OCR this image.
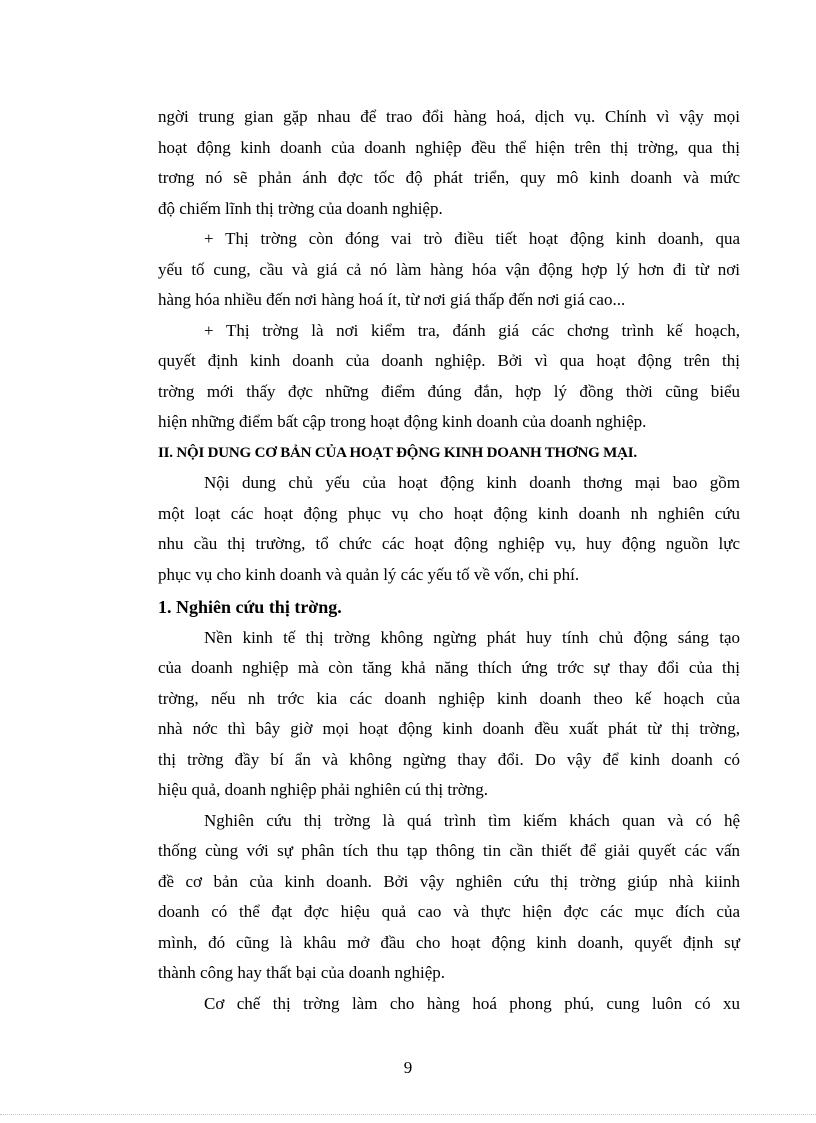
ngời trung gian gặp nhau để trao đổi hàng hoá, dịch vụ. Chính vì vậy mọi
hoạt động kinh doanh của doanh nghiệp đều thể hiện trên thị trờng, qua thị
trơng nó sẽ phản ánh đợc tốc độ phát triển, quy mô kinh doanh và mức
độ chiếm lĩnh thị trờng của doanh nghiệp.
+ Thị trờng còn đóng vai trò điều tiết hoạt động kinh doanh, qua
yếu tố cung, cầu và giá cả nó làm hàng hóa vận động hợp lý hơn đi từ nơi
hàng hóa nhiều đến nơi hàng hoá ít, từ nơi giá thấp đến nơi giá cao...
+ Thị trờng là nơi kiểm tra, đánh giá các chơng trình kế hoạch,
quyết định kinh doanh của doanh nghiệp. Bởi vì qua hoạt động trên thị
trờng mới thấy đợc những điểm đúng đắn, hợp lý đồng thời cũng biểu
hiện những điểm bất cập trong hoạt động kinh doanh của doanh nghiệp.
II. NỘI DUNG CƠ BẢN CỦA HOẠT ĐỘNG KINH DOANH THƠNG MẠI.
Nội dung chủ yếu của hoạt động kinh doanh thơng mại bao gồm
một loạt các hoạt động phục vụ cho hoạt động kinh doanh nh nghiên cứu
nhu cầu thị trường, tổ chức các hoạt động nghiệp vụ, huy động nguồn lực
phục vụ cho kinh doanh và quản lý các yếu tố về vốn, chi phí.
1. Nghiên cứu thị trờng.
Nền kinh tế thị trờng không ngừng phát huy tính chủ động sáng tạo
của doanh nghiệp mà còn tăng khả năng thích ứng trớc sự thay đổi của thị
trờng, nếu nh trớc kia các doanh nghiệp kinh doanh theo kế hoạch của
nhà nớc thì bây giờ mọi hoạt động kinh doanh đều xuất phát từ thị trờng,
thị trờng đầy bí ẩn và không ngừng thay đổi. Do vậy để kinh doanh có
hiệu quả, doanh nghiệp phải nghiên cú thị trờng.
Nghiên cứu thị trờng là quá trình tìm kiếm khách quan và có hệ
thống cùng với sự phân tích thu tạp thông tin cần thiết để giải quyết các vấn
đề cơ bản của kinh doanh. Bởi vậy nghiên cứu thị trờng giúp nhà kiinh
doanh có thể đạt đợc hiệu quả cao và thực hiện đợc các mục đích của
mình, đó cũng là khâu mở đầu cho hoạt động kinh doanh, quyết định sự
thành công hay thất bại của doanh nghiệp.
Cơ chế thị trờng làm cho hàng hoá phong phú, cung luôn có xu
9
